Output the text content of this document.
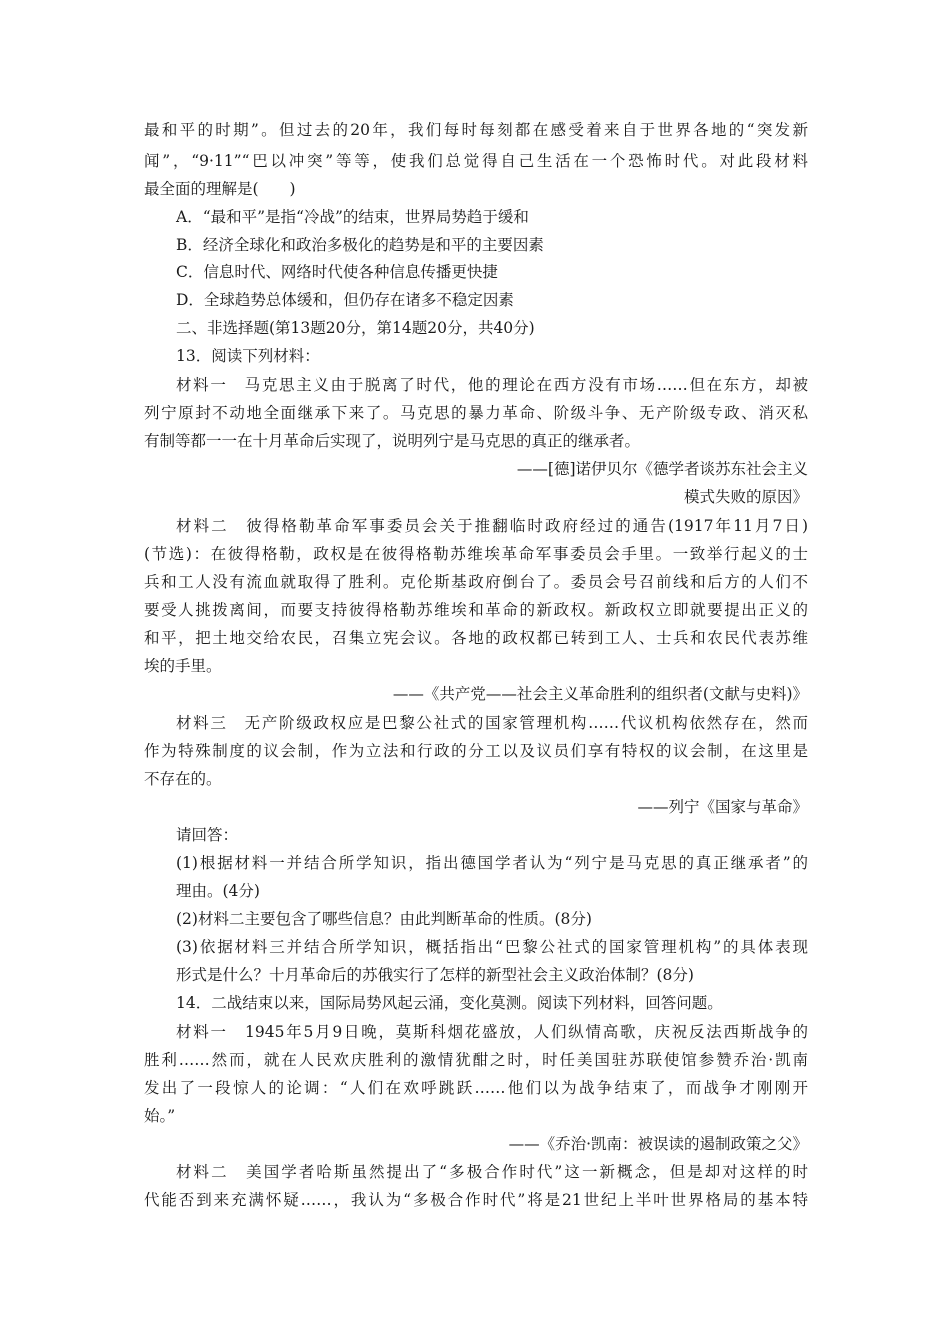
最和平的时期”。但过去的20年，我们每时每刻都在感受着来自于世界各地的“突发新
闻”，“9·11”“巴以冲突”等等，使我们总觉得自己生活在一个恐怖时代。对此段材料
最全面的理解是(　　)
A．“最和平”是指“冷战”的结束，世界局势趋于缓和
B．经济全球化和政治多极化的趋势是和平的主要因素
C．信息时代、网络时代使各种信息传播更快捷
D．全球趋势总体缓和，但仍存在诸多不稳定因素
二、非选择题(第13题20分，第14题20分，共40分)
13．阅读下列材料：
材料一　马克思主义由于脱离了时代，他的理论在西方没有市场……但在东方，却被
列宁原封不动地全面继承下来了。马克思的暴力革命、阶级斗争、无产阶级专政、消灭私
有制等都一一在十月革命后实现了，说明列宁是马克思的真正的继承者。
——[德]诺伊贝尔《德学者谈苏东社会主义
模式失败的原因》
材料二　彼得格勒革命军事委员会关于推翻临时政府经过的通告(1917年11月7日)
(节选)：在彼得格勒，政权是在彼得格勒苏维埃革命军事委员会手里。一致举行起义的士
兵和工人没有流血就取得了胜利。克伦斯基政府倒台了。委员会号召前线和后方的人们不
要受人挑拨离间，而要支持彼得格勒苏维埃和革命的新政权。新政权立即就要提出正义的
和平，把土地交给农民，召集立宪会议。各地的政权都已转到工人、士兵和农民代表苏维
埃的手里。
——《共产党——社会主义革命胜利的组织者(文献与史料)》
材料三　无产阶级政权应是巴黎公社式的国家管理机构……代议机构依然存在，然而
作为特殊制度的议会制，作为立法和行政的分工以及议员们享有特权的议会制，在这里是
不存在的。
——列宁《国家与革命》
请回答：
(1)根据材料一并结合所学知识，指出德国学者认为“列宁是马克思的真正继承者”的
理由。(4分)
(2)材料二主要包含了哪些信息？由此判断革命的性质。(8分)
(3)依据材料三并结合所学知识，概括指出“巴黎公社式的国家管理机构”的具体表现
形式是什么？十月革命后的苏俄实行了怎样的新型社会主义政治体制？(8分)
14．二战结束以来，国际局势风起云涌，变化莫测。阅读下列材料，回答问题。
材料一　1945年5月9日晚，莫斯科烟花盛放，人们纵情高歌，庆祝反法西斯战争的
胜利……然而，就在人民欢庆胜利的激情犹酣之时，时任美国驻苏联使馆参赞乔治·凯南
发出了一段惊人的论调：“人们在欢呼跳跃……他们以为战争结束了，而战争才刚刚开
始。”
——《乔治·凯南：被误读的遏制政策之父》
材料二　美国学者哈斯虽然提出了“多极合作时代”这一新概念，但是却对这样的时
代能否到来充满怀疑……，我认为“多极合作时代”将是21世纪上半叶世界格局的基本特
